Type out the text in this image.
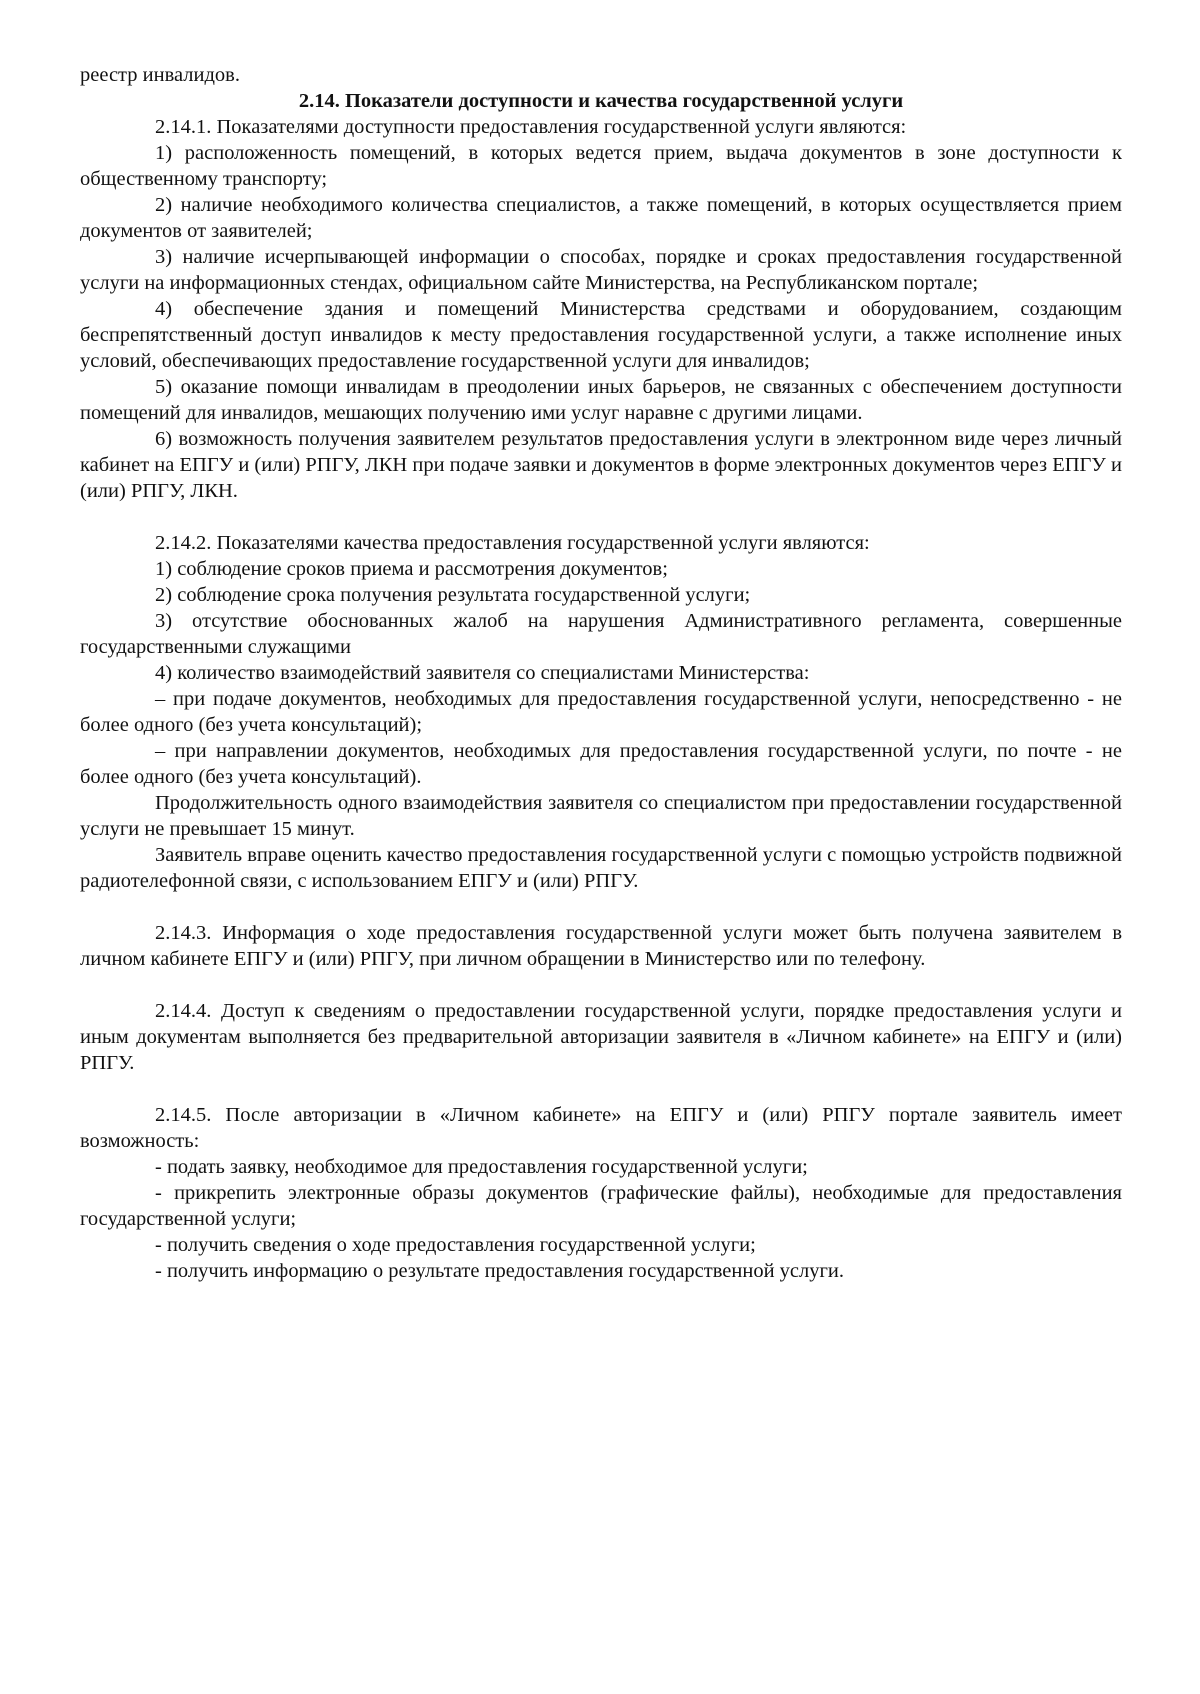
реестр инвалидов.

2.14. Показатели доступности и качества государственной услуги

2.14.1. Показателями доступности предоставления государственной услуги являются:

1) расположенность помещений, в которых ведется прием, выдача документов в зоне доступности к общественному транспорту;

2) наличие необходимого количества специалистов, а также помещений, в которых осуществляется прием документов от заявителей;

3) наличие исчерпывающей информации о способах, порядке и сроках предоставления государственной услуги на информационных стендах, официальном сайте Министерства, на Республиканском портале;

4) обеспечение здания и помещений Министерства средствами и оборудованием, создающим беспрепятственный доступ инвалидов к месту предоставления государственной услуги, а также исполнение иных условий, обеспечивающих предоставление государственной услуги для инвалидов;

5) оказание помощи инвалидам в преодолении иных барьеров, не связанных с обеспечением доступности помещений для инвалидов, мешающих получению ими услуг наравне с другими лицами.

6) возможность получения заявителем результатов предоставления услуги в электронном виде через личный кабинет на ЕПГУ и (или) РПГУ, ЛКН при подаче заявки и документов в форме электронных документов через ЕПГУ и (или) РПГУ, ЛКН.

2.14.2. Показателями качества предоставления государственной услуги являются:

1) соблюдение сроков приема и рассмотрения документов;

2) соблюдение срока получения результата государственной услуги;

3) отсутствие обоснованных жалоб на нарушения Административного регламента, совершенные государственными служащими

4) количество взаимодействий заявителя со специалистами Министерства:

– при подаче документов, необходимых для предоставления государственной услуги, непосредственно - не более одного (без учета консультаций);

– при направлении документов, необходимых для предоставления государственной услуги, по почте - не более одного (без учета консультаций).

Продолжительность одного взаимодействия заявителя со специалистом при предоставлении государственной услуги не превышает 15 минут.

Заявитель вправе оценить качество предоставления государственной услуги с помощью устройств подвижной радиотелефонной связи, с использованием ЕПГУ и (или) РПГУ.

2.14.3. Информация о ходе предоставления государственной услуги может быть получена заявителем в личном кабинете ЕПГУ и (или) РПГУ, при личном обращении в Министерство или по телефону.

2.14.4. Доступ к сведениям о предоставлении государственной услуги, порядке предоставления услуги и иным документам выполняется без предварительной авторизации заявителя в «Личном кабинете» на ЕПГУ и (или) РПГУ.

2.14.5. После авторизации в «Личном кабинете» на ЕПГУ и (или) РПГУ портале заявитель имеет возможность:

- подать заявку, необходимое для предоставления государственной услуги;

- прикрепить электронные образы документов (графические файлы), необходимые для предоставления государственной услуги;

- получить сведения о ходе предоставления государственной услуги;

- получить информацию о результате предоставления государственной услуги.
